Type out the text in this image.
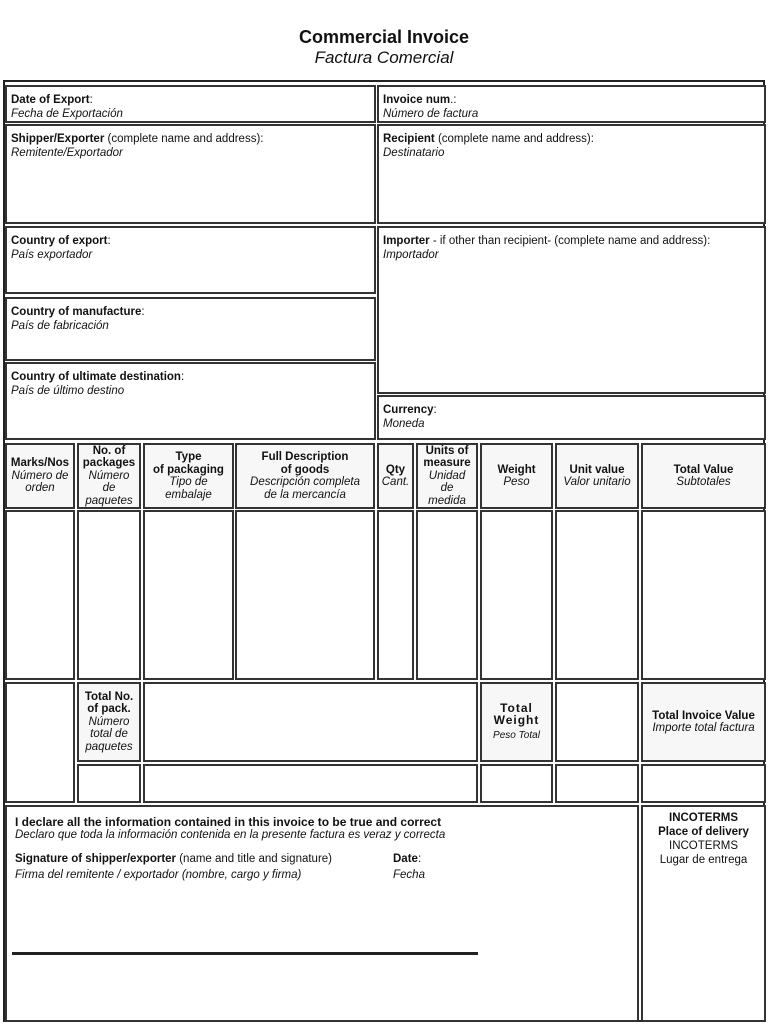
Commercial Invoice
Factura Comercial
Date of Export:
Fecha de Exportación
Invoice num.:
Número de factura
Shipper/Exporter (complete name and address):
Remitente/Exportador
Recipient (complete name and address):
Destinatario
Country of export:
País exportador
Importer - if other than recipient- (complete name and address):
Importador
Country of manufacture:
País de fabricación
Country of ultimate destination:
País de último destino
Currency:
Moneda
Marks/Nos
Número de
orden
No. of
packages
Número
de
paquetes
Type
of packaging
Tipo de
embalaje
Full Description
of goods
Descripción completa
de la mercancía
Qty
Cant.
Units of
measure
Unidad
de
medida
Weight
Peso
Unit value
Valor unitario
Total Value
Subtotales
Total No.
of pack.
Número
total de
paquetes
Total
Weight
Peso Total
Total Invoice Value
Importe total factura
I declare all the information contained in this invoice to be true and correct
Declaro que toda la información contenida en la presente factura es veraz y correcta
Signature of shipper/exporter (name and title and signature)
Firma del remitente / exportador (nombre, cargo y firma)
Date:
Fecha
INCOTERMS
Place of delivery
INCOTERMS
Lugar de entrega
